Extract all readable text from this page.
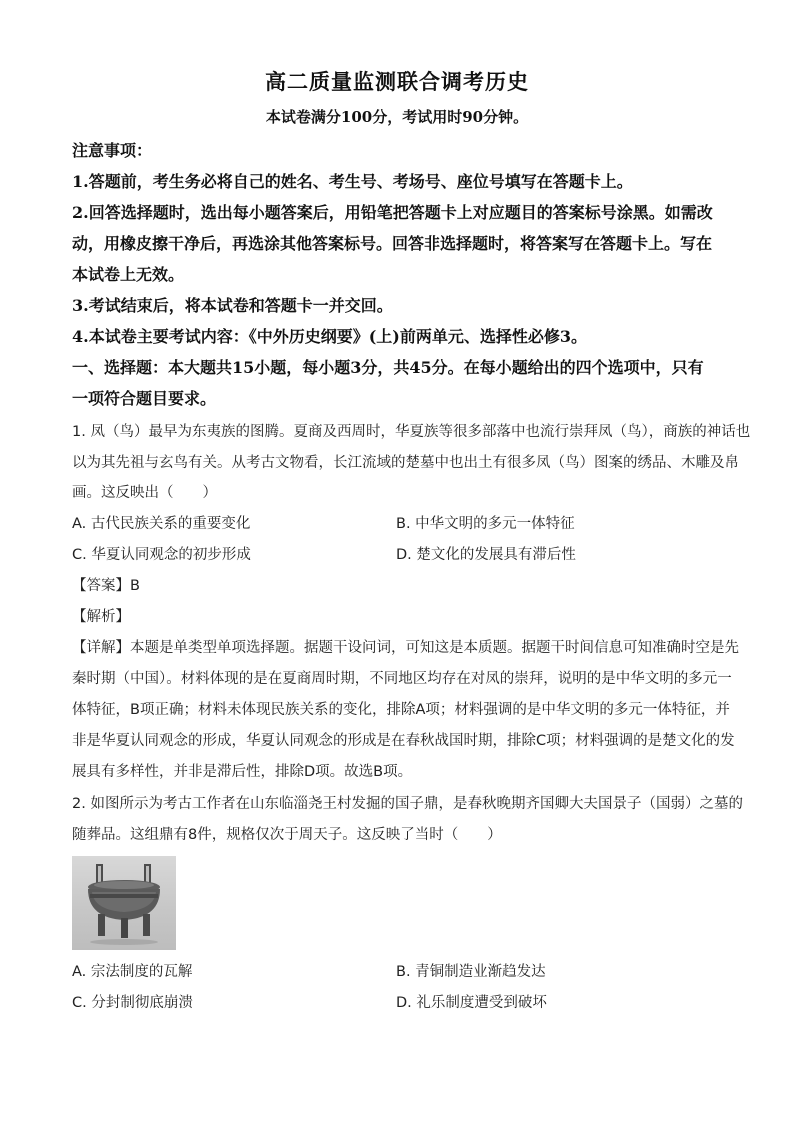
高二质量监测联合调考历史
本试卷满分100分，考试用时90分钟。
注意事项：
1.答题前，考生务必将自己的姓名、考生号、考场号、座位号填写在答题卡上。
2.回答选择题时，选出每小题答案后，用铅笔把答题卡上对应题目的答案标号涂黑。如需改
动，用橡皮擦干净后，再选涂其他答案标号。回答非选择题时，将答案写在答题卡上。写在
本试卷上无效。
3.考试结束后，将本试卷和答题卡一并交回。
4.本试卷主要考试内容：《中外历史纲要》(上)前两单元、选择性必修3。
一、选择题：本大题共15小题，每小题3分，共45分。在每小题给出的四个选项中，只有
一项符合题目要求。
1. 凤（鸟）最早为东夷族的图腾。夏商及西周时，华夏族等很多部落中也流行崇拜凤（鸟），商族的神话也
以为其先祖与玄鸟有关。从考古文物看，长江流域的楚墓中也出土有很多凤（鸟）图案的绣品、木雕及帛
画。这反映出（　　）
A. 古代民族关系的重要变化	B. 中华文明的多元一体特征
C. 华夏认同观念的初步形成	D. 楚文化的发展具有滞后性
【答案】B
【解析】
【详解】本题是单类型单项选择题。据题干设问词，可知这是本质题。据题干时间信息可知准确时空是先
秦时期（中国）。材料体现的是在夏商周时期，不同地区均存在对凤的崇拜，说明的是中华文明的多元一
体特征，B项正确；材料未体现民族关系的变化，排除A项；材料强调的是中华文明的多元一体特征，并
非是华夏认同观念的形成，华夏认同观念的形成是在春秋战国时期，排除C项；材料强调的是楚文化的发
展具有多样性，并非是滞后性，排除D项。故选B项。
2. 如图所示为考古工作者在山东临淄尧王村发掘的国子鼎，是春秋晚期齐国卿大夫国景子（国弱）之墓的
随葬品。这组鼎有8件，规格仅次于周天子。这反映了当时（　　）
A. 宗法制度的瓦解	B. 青铜制造业渐趋发达
C. 分封制彻底崩溃	D. 礼乐制度遭受到破坏
